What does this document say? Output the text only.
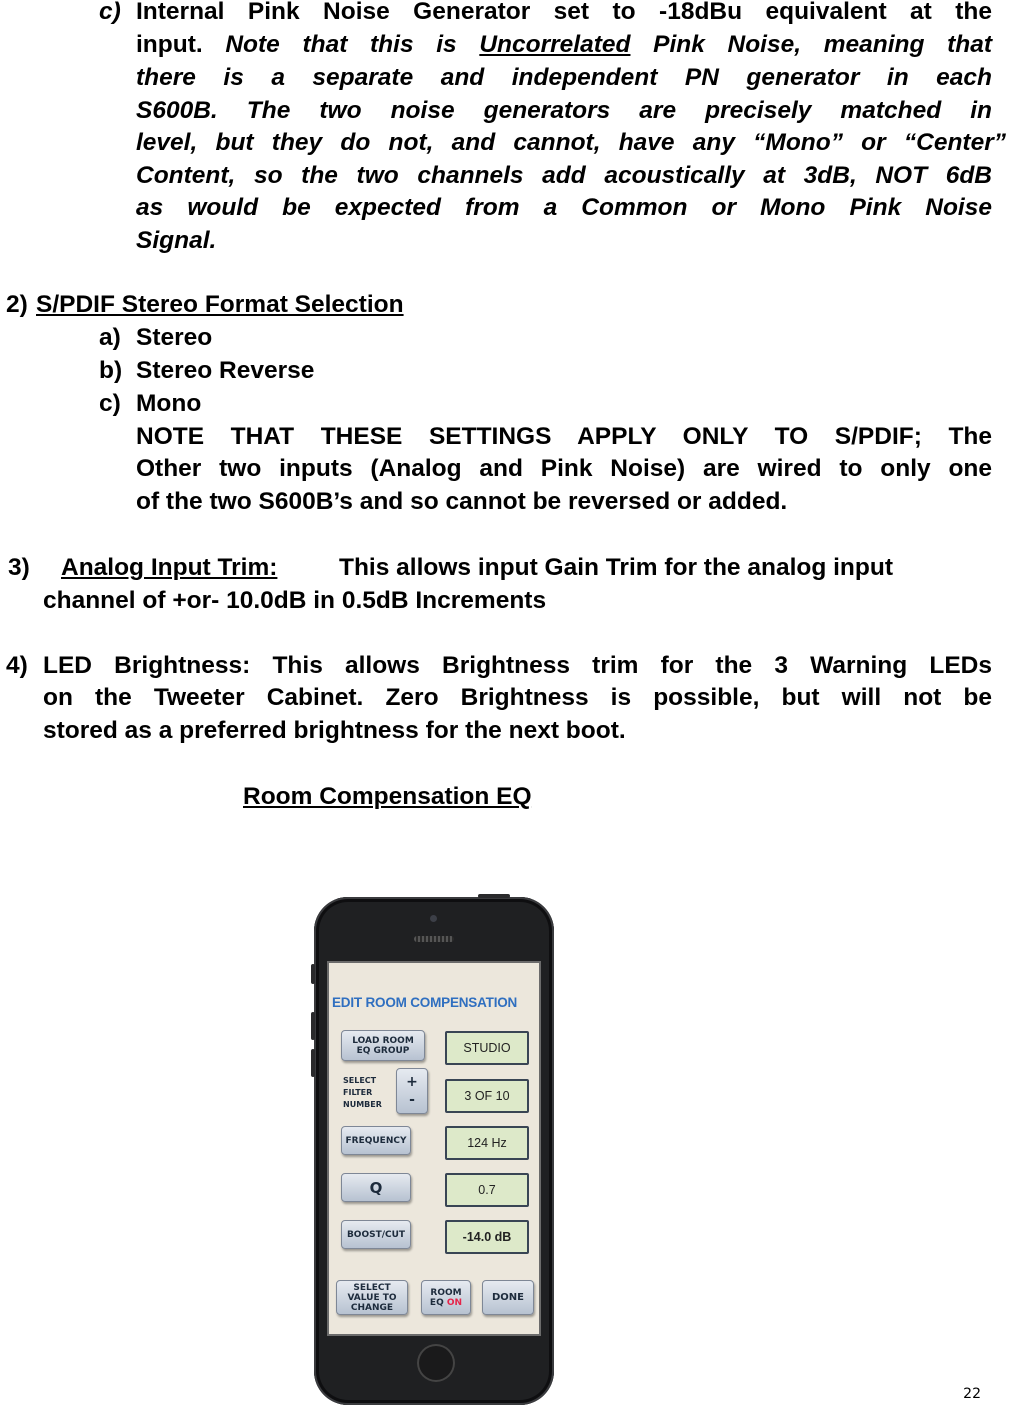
c) Internal Pink Noise Generator set to -18dBu equivalent at the

input. Note that this is Uncorrelated Pink Noise, meaning that

there is a separate and independent PN generator in each

S600B. The two noise generators are precisely matched in

level, but they do not, and cannot, have any “Mono” or “Center”

Content, so the two channels add acoustically at 3dB, NOT 6dB

as would be expected from a Common or Mono Pink Noise

Signal.
2) S/PDIF Stereo Format Selection
a) Stereo
b) Stereo Reverse
c) Mono

NOTE THAT THESE SETTINGS APPLY ONLY TO S/PDIF; The

Other two inputs (Analog and Pink Noise) are wired to only one

of the two S600B’s and so cannot be reversed or added.
3) Analog Input Trim:	This allows input Gain Trim for the analog input
channel of +or- 10.0dB in 0.5dB Increments
4) LED Brightness: This allows Brightness trim for the 3 Warning LEDs

on the Tweeter Cabinet. Zero Brightness is possible, but will not be

stored as a preferred brightness for the next boot.
Room Compensation EQ
EDIT ROOM COMPENSATION
LOAD ROOM EQ GROUP	STUDIO
SELECT
FILTER
NUMBER
+
-	3 OF 10
FREQUENCY	124 Hz
Q	0.7
BOOST/CUT	-14.0 dB
SELECT VALUE TO CHANGE
ROOM
EQ ON	DONE
22
